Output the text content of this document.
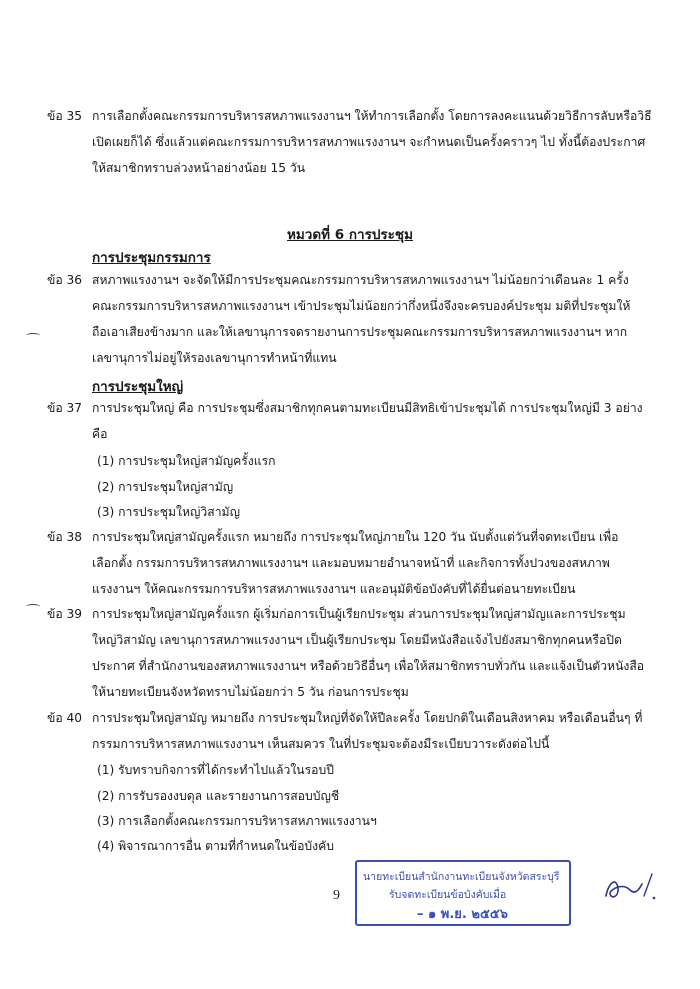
ข้อ 35 การเลือกตั้งคณะกรรมการบริหารสหภาพแรงงานฯ ให้ทำการเลือกตั้ง โดยการลงคะแนนด้วยวิธีการลับหรือวิธี
เปิดเผยก็ได้ ซึ่งแล้วแต่คณะกรรมการบริหารสหภาพแรงงานฯ จะกำหนดเป็นครั้งคราวๆ ไป ทั้งนี้ต้องประกาศ
ให้สมาชิกทราบล่วงหน้าอย่างน้อย 15 วัน
หมวดที่ 6 การประชุม
การประชุมกรรมการ
ข้อ 36 สหภาพแรงงานฯ จะจัดให้มีการประชุมคณะกรรมการบริหารสหภาพแรงงานฯ ไม่น้อยกว่าเดือนละ 1 ครั้ง
คณะกรรมการบริหารสหภาพแรงงานฯ เข้าประชุมไม่น้อยกว่ากึ่งหนึ่งจึงจะครบองค์ประชุม มติที่ประชุมให้
ถือเอาเสียงข้างมาก และให้เลขานุการจดรายงานการประชุมคณะกรรมการบริหารสหภาพแรงงานฯ หาก
เลขานุการไม่อยู่ให้รองเลขานุการทำหน้าที่แทน
การประชุมใหญ่
ข้อ 37 การประชุมใหญ่ คือ การประชุมซึ่งสมาชิกทุกคนตามทะเบียนมีสิทธิเข้าประชุมได้ การประชุมใหญ่มี 3 อย่าง
คือ
(1) การประชุมใหญ่สามัญครั้งแรก
(2) การประชุมใหญ่สามัญ
(3) การประชุมใหญ่วิสามัญ
ข้อ 38 การประชุมใหญ่สามัญครั้งแรก หมายถึง การประชุมใหญ่ภายใน 120 วัน นับตั้งแต่วันที่จดทะเบียน เพื่อ
เลือกตั้ง กรรมการบริหารสหภาพแรงงานฯ และมอบหมายอำนาจหน้าที่ และกิจการทั้งปวงของสหภาพ
แรงงานฯ ให้คณะกรรมการบริหารสหภาพแรงงานฯ และอนุมัติข้อบังคับที่ได้ยื่นต่อนายทะเบียน
ข้อ 39 การประชุมใหญ่สามัญครั้งแรก ผู้เริ่มก่อการเป็นผู้เรียกประชุม ส่วนการประชุมใหญ่สามัญและการประชุม
ใหญ่วิสามัญ เลขานุการสหภาพแรงงานฯ เป็นผู้เรียกประชุม โดยมีหนังสือแจ้งไปยังสมาชิกทุกคนหรือปิด
ประกาศ ที่สำนักงานของสหภาพแรงงานฯ หรือด้วยวิธีอื่นๆ เพื่อให้สมาชิกทราบทั่วกัน และแจ้งเป็นตัวหนังสือ
ให้นายทะเบียนจังหวัดทราบไม่น้อยกว่า 5 วัน ก่อนการประชุม
ข้อ 40 การประชุมใหญ่สามัญ หมายถึง การประชุมใหญ่ที่จัดให้ปีละครั้ง โดยปกติในเดือนสิงหาคม หรือเดือนอื่นๆ ที่
กรรมการบริหารสหภาพแรงงานฯ เห็นสมควร ในที่ประชุมจะต้องมีระเบียบวาระดังต่อไปนี้
(1) รับทราบกิจการที่ได้กระทำไปแล้วในรอบปี
(2) การรับรองงบดุล และรายงานการสอบบัญชี
(3) การเลือกตั้งคณะกรรมการบริหารสหภาพแรงงานฯ
(4) พิจารณาการอื่น ตามที่กำหนดในข้อบังคับ
9
นายทะเบียนสำนักงานทะเบียนจังหวัดสระบุรี
รับจดทะเบียนข้อบังคับเมื่อ
– ๑ พ.ย. ๒๕๕๖
